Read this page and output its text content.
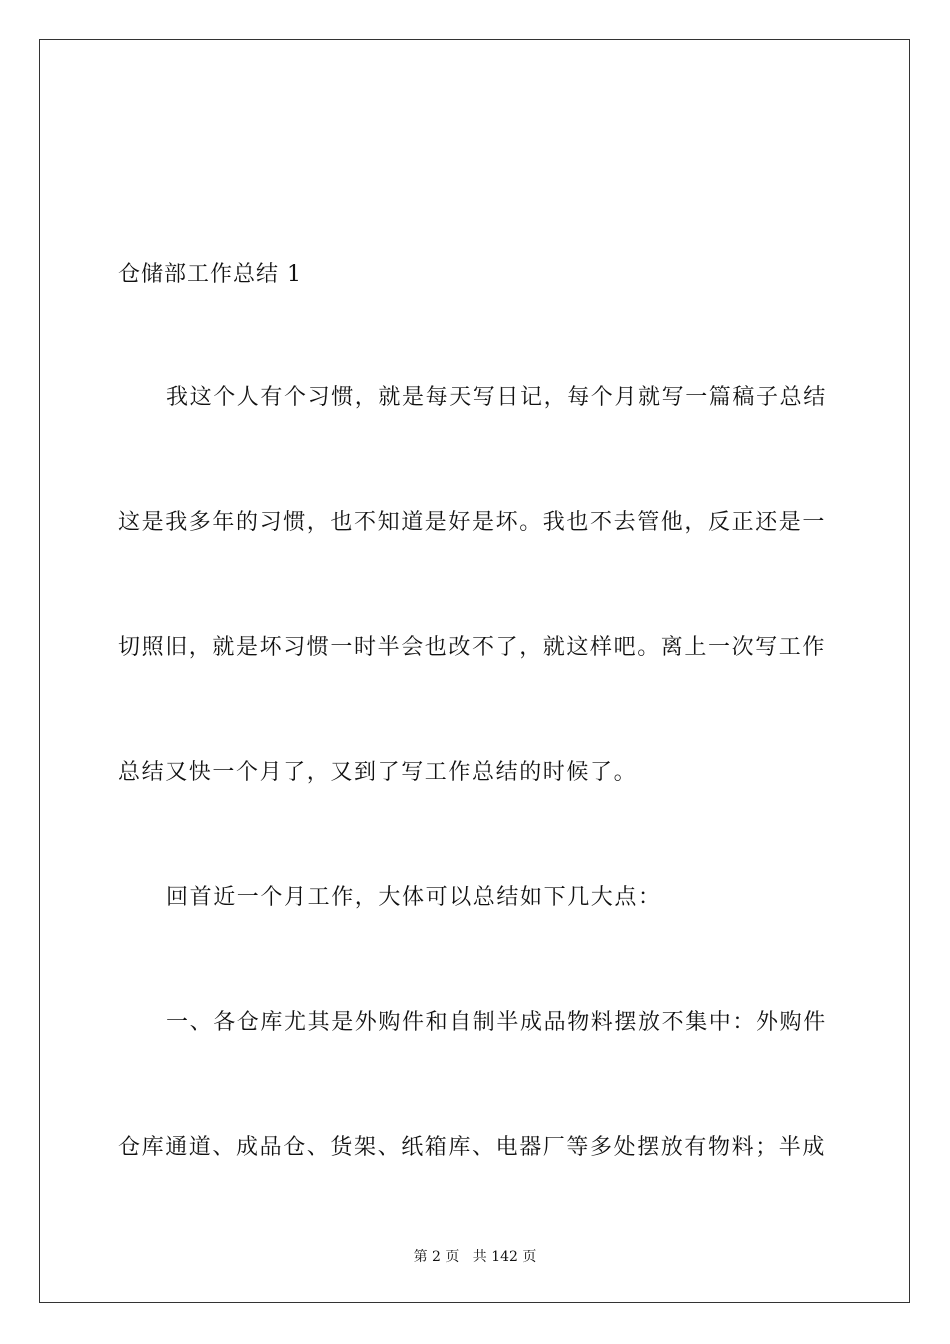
仓储部工作总结 1
我这个人有个习惯，就是每天写日记，每个月就写一篇稿子总结
这是我多年的习惯，也不知道是好是坏。我也不去管他，反正还是一
切照旧，就是坏习惯一时半会也改不了，就这样吧。离上一次写工作
总结又快一个月了，又到了写工作总结的时候了。
回首近一个月工作，大体可以总结如下几大点：
一、各仓库尤其是外购件和自制半成品物料摆放不集中：外购件
仓库通道、成品仓、货架、纸箱库、电器厂等多处摆放有物料；半成
第 2 页   共 142 页
